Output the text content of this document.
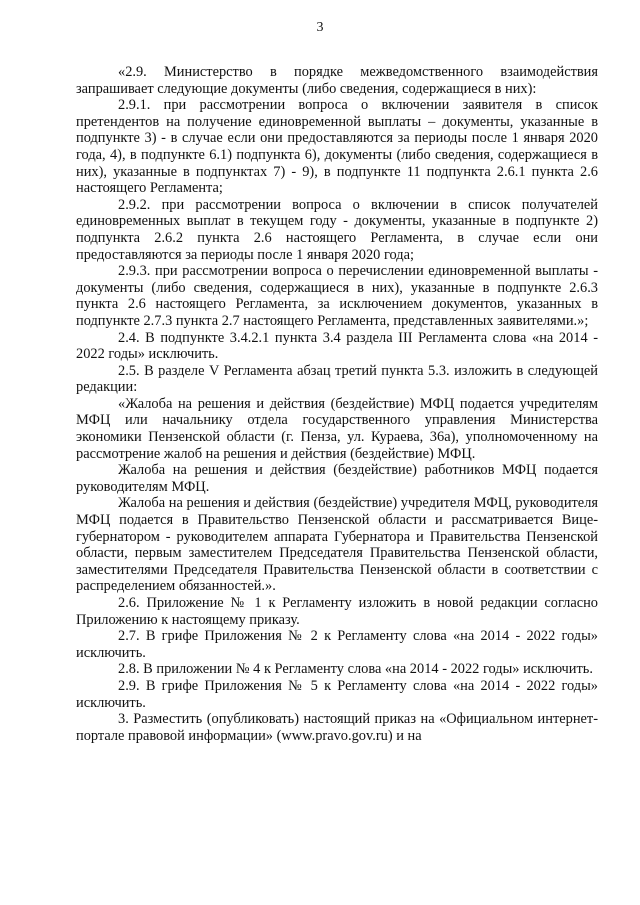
3

«2.9. Министерство в порядке межведомственного взаимодействия запрашивает следующие документы (либо сведения, содержащиеся в них):

2.9.1. при рассмотрении вопроса о включении заявителя в список претендентов на получение единовременной выплаты – документы, указанные в подпункте 3) - в случае если они предоставляются за периоды после 1 января 2020 года, 4), в подпункте 6.1) подпункта 6), документы (либо сведения, содержащиеся в них), указанные в подпунктах 7) - 9), в подпункте 11 подпункта 2.6.1 пункта 2.6 настоящего Регламента;

2.9.2. при рассмотрении вопроса о включении в список получателей единовременных выплат в текущем году - документы, указанные в подпункте 2) подпункта 2.6.2 пункта 2.6 настоящего Регламента, в случае если они предоставляются за периоды после 1 января 2020 года;

2.9.3. при рассмотрении вопроса о перечислении единовременной выплаты - документы (либо сведения, содержащиеся в них), указанные в подпункте 2.6.3 пункта 2.6 настоящего Регламента, за исключением документов, указанных в подпункте 2.7.3 пункта 2.7 настоящего Регламента, представленных заявителями.»;

2.4. В подпункте 3.4.2.1 пункта 3.4 раздела III Регламента слова «на 2014 - 2022 годы» исключить.

2.5. В разделе V Регламента абзац третий пункта 5.3. изложить в следующей редакции:

«Жалоба на решения и действия (бездействие) МФЦ подается учредителям МФЦ или начальнику отдела государственного управления Министерства экономики Пензенской области (г. Пенза, ул. Кураева, 36а), уполномоченному на рассмотрение жалоб на решения и действия (бездействие) МФЦ.

Жалоба на решения и действия (бездействие) работников МФЦ подается руководителям МФЦ.

Жалоба на решения и действия (бездействие) учредителя МФЦ, руководителя МФЦ подается в Правительство Пензенской области и рассматривается Вице-губернатором - руководителем аппарата Губернатора и Правительства Пензенской области, первым заместителем Председателя Правительства Пензенской области, заместителями Председателя Правительства Пензенской области в соответствии с распределением обязанностей.».

2.6. Приложение № 1 к Регламенту изложить в новой редакции согласно Приложению к настоящему приказу.

2.7. В грифе Приложения № 2 к Регламенту слова «на 2014 - 2022 годы» исключить.

2.8. В приложении № 4 к Регламенту слова «на 2014 - 2022 годы» исключить.

2.9. В грифе Приложения № 5 к Регламенту слова «на 2014 - 2022 годы» исключить.

3. Разместить (опубликовать) настоящий приказ на «Официальном интернет-портале правовой информации» (www.pravo.gov.ru) и на
